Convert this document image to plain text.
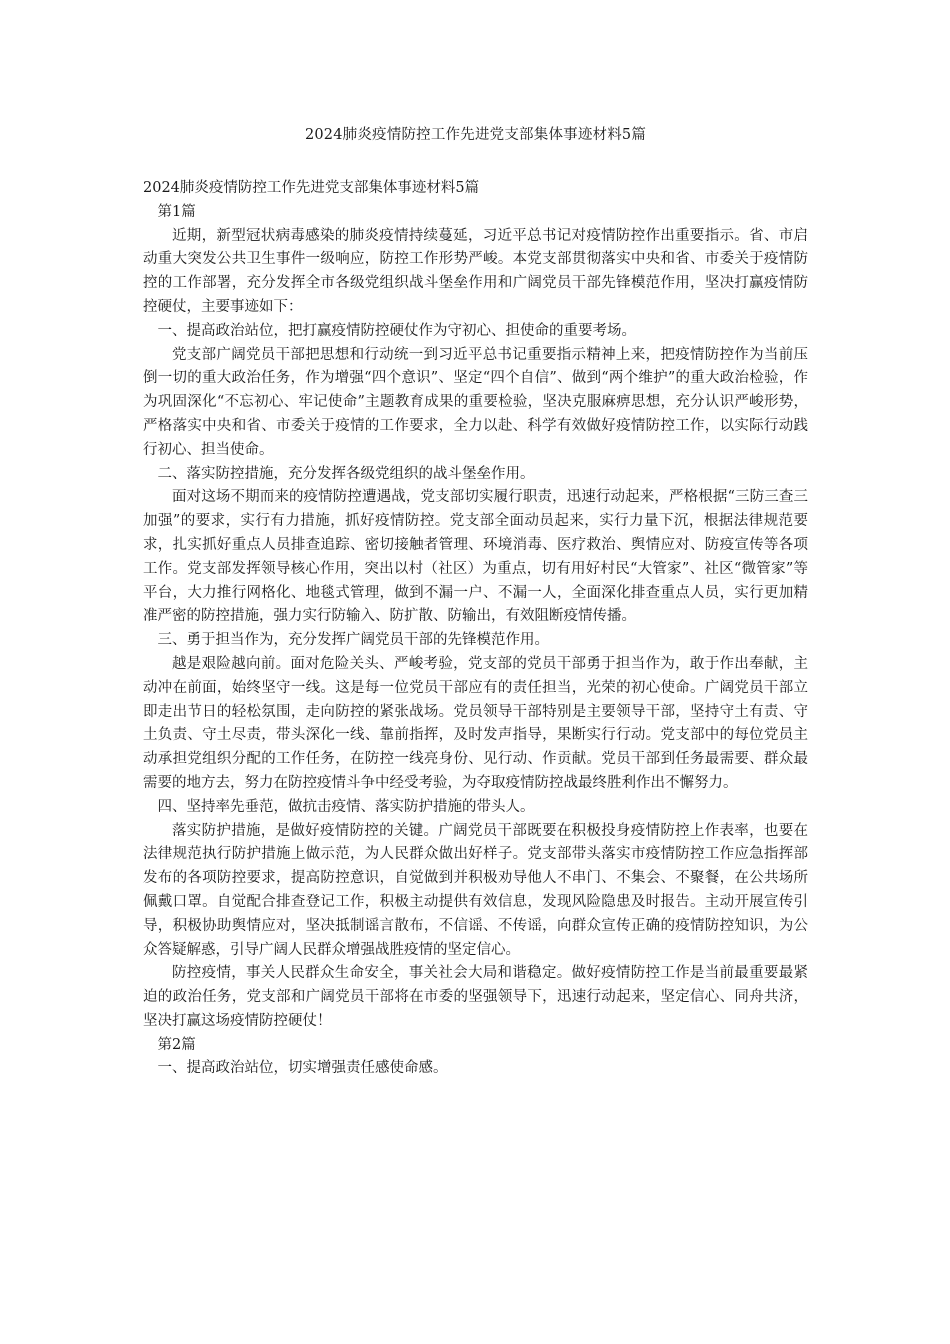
2024肺炎疫情防控工作先进党支部集体事迹材料5篇

2024肺炎疫情防控工作先进党支部集体事迹材料5篇

第1篇

近期，新型冠状病毒感染的肺炎疫情持续蔓延，习近平总书记对疫情防控作出重要指示。省、市启动重大突发公共卫生事件一级响应，防控工作形势严峻。本党支部贯彻落实中央和省、市委关于疫情防控的工作部署，充分发挥全市各级党组织战斗堡垒作用和广阔党员干部先锋模范作用，坚决打赢疫情防控硬仗，主要事迹如下：

一、提高政治站位，把打赢疫情防控硬仗作为守初心、担使命的重要考场。

党支部广阔党员干部把思想和行动统一到习近平总书记重要指示精神上来，把疫情防控作为当前压倒一切的重大政治任务，作为增强“四个意识”、坚定“四个自信”、做到“两个维护”的重大政治检验，作为巩固深化“不忘初心、牢记使命”主题教育成果的重要检验，坚决克服麻痹思想，充分认识严峻形势，严格落实中央和省、市委关于疫情的工作要求，全力以赴、科学有效做好疫情防控工作，以实际行动践行初心、担当使命。

二、落实防控措施，充分发挥各级党组织的战斗堡垒作用。

面对这场不期而来的疫情防控遭遇战，党支部切实履行职责，迅速行动起来，严格根据“三防三查三加强”的要求，实行有力措施，抓好疫情防控。党支部全面动员起来，实行力量下沉，根据法律规范要求，扎实抓好重点人员排查追踪、密切接触者管理、环境消毒、医疗救治、舆情应对、防疫宣传等各项工作。党支部发挥领导核心作用，突出以村（社区）为重点，切有用好村民“大管家”、社区“微管家”等平台，大力推行网格化、地毯式管理，做到不漏一户、不漏一人，全面深化排查重点人员，实行更加精准严密的防控措施，强力实行防输入、防扩散、防输出，有效阻断疫情传播。

三、勇于担当作为，充分发挥广阔党员干部的先锋模范作用。

越是艰险越向前。面对危险关头、严峻考验，党支部的党员干部勇于担当作为，敢于作出奉献，主动冲在前面，始终坚守一线。这是每一位党员干部应有的责任担当，光荣的初心使命。广阔党员干部立即走出节日的轻松氛围，走向防控的紧张战场。党员领导干部特别是主要领导干部，坚持守土有责、守土负责、守土尽责，带头深化一线、靠前指挥，及时发声指导，果断实行行动。党支部中的每位党员主动承担党组织分配的工作任务，在防控一线亮身份、见行动、作贡献。党员干部到任务最需要、群众最需要的地方去，努力在防控疫情斗争中经受考验，为夺取疫情防控战最终胜利作出不懈努力。

四、坚持率先垂范，做抗击疫情、落实防护措施的带头人。

落实防护措施，是做好疫情防控的关键。广阔党员干部既要在积极投身疫情防控上作表率，也要在法律规范执行防护措施上做示范，为人民群众做出好样子。党支部带头落实市疫情防控工作应急指挥部发布的各项防控要求，提高防控意识，自觉做到并积极劝导他人不串门、不集会、不聚餐，在公共场所佩戴口罩。自觉配合排查登记工作，积极主动提供有效信息，发现风险隐患及时报告。主动开展宣传引导，积极协助舆情应对，坚决抵制谣言散布，不信谣、不传谣，向群众宣传正确的疫情防控知识，为公众答疑解惑，引导广阔人民群众增强战胜疫情的坚定信心。

防控疫情，事关人民群众生命安全，事关社会大局和谐稳定。做好疫情防控工作是当前最重要最紧迫的政治任务，党支部和广阔党员干部将在市委的坚强领导下，迅速行动起来，坚定信心、同舟共济，坚决打赢这场疫情防控硬仗！

第2篇

一、提高政治站位，切实增强责任感使命感。
